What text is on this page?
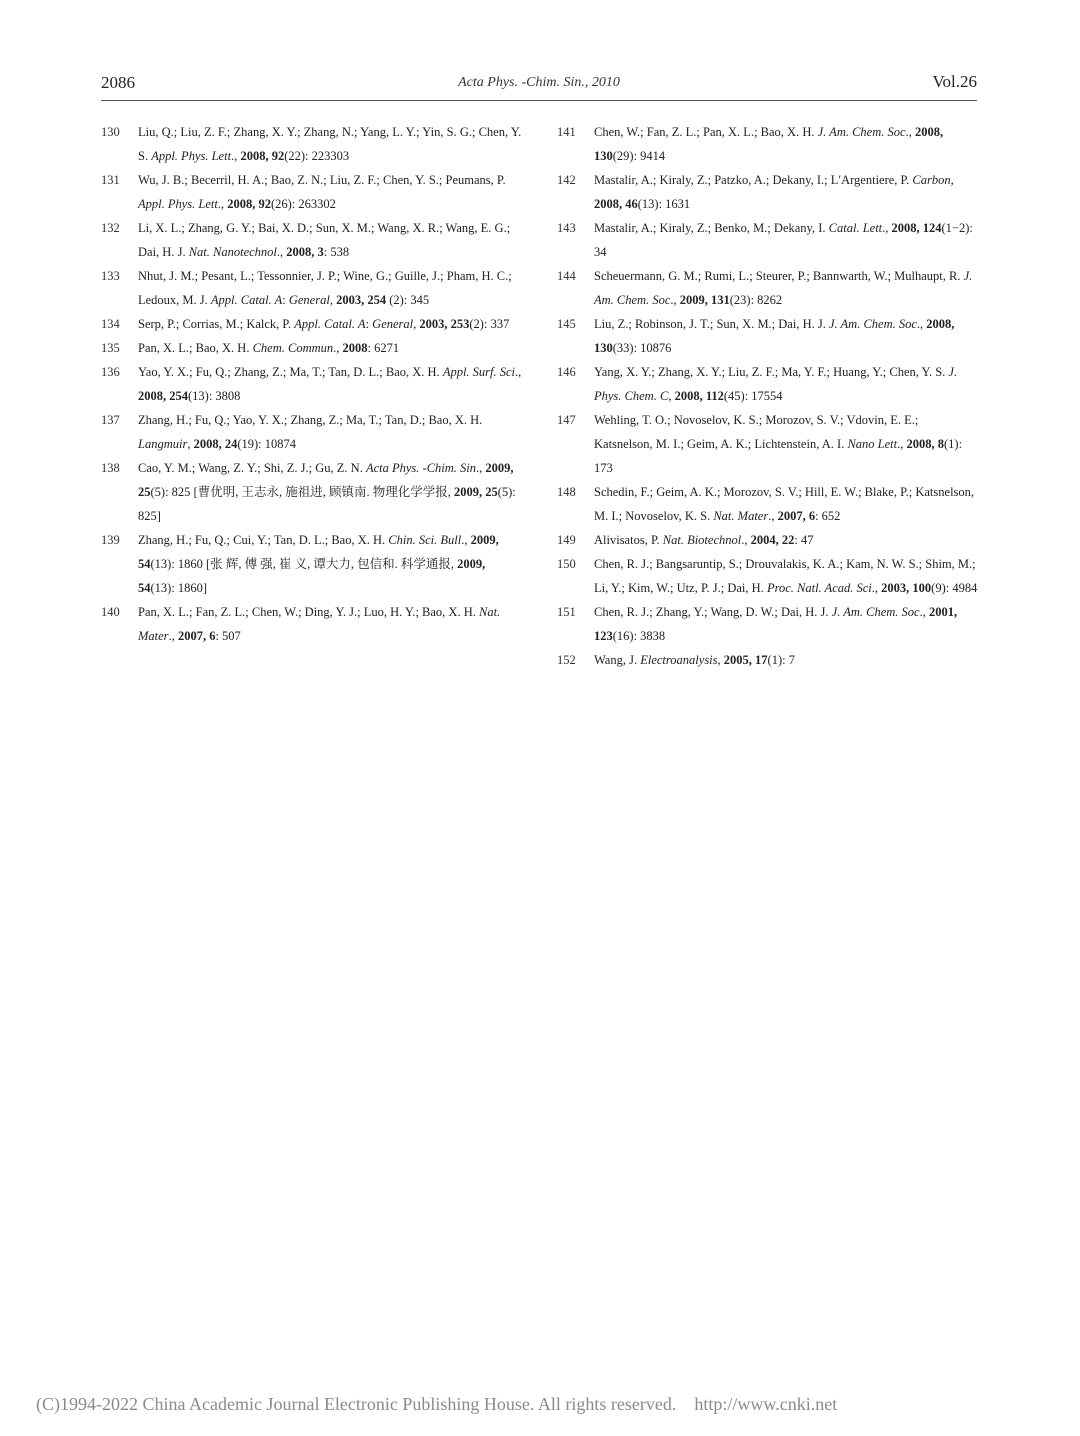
2086	Acta Phys. -Chim. Sin., 2010	Vol.26
130 Liu, Q.; Liu, Z. F.; Zhang, X. Y.; Zhang, N.; Yang, L. Y.; Yin, S. G.; Chen, Y. S. Appl. Phys. Lett., 2008, 92(22): 223303
131 Wu, J. B.; Becerril, H. A.; Bao, Z. N.; Liu, Z. F.; Chen, Y. S.; Peumans, P. Appl. Phys. Lett., 2008, 92(26): 263302
132 Li, X. L.; Zhang, G. Y.; Bai, X. D.; Sun, X. M.; Wang, X. R.; Wang, E. G.; Dai, H. J. Nat. Nanotechnol., 2008, 3: 538
133 Nhut, J. M.; Pesant, L.; Tessonnier, J. P.; Wine, G.; Guille, J.; Pham, H. C.; Ledoux, M. J. Appl. Catal. A: General, 2003, 254 (2): 345
134 Serp, P.; Corrias, M.; Kalck, P. Appl. Catal. A: General, 2003, 253(2): 337
135 Pan, X. L.; Bao, X. H. Chem. Commun., 2008: 6271
136 Yao, Y. X.; Fu, Q.; Zhang, Z.; Ma, T.; Tan, D. L.; Bao, X. H. Appl. Surf. Sci., 2008, 254(13): 3808
137 Zhang, H.; Fu, Q.; Yao, Y. X.; Zhang, Z.; Ma, T.; Tan, D.; Bao, X. H. Langmuir, 2008, 24(19): 10874
138 Cao, Y. M.; Wang, Z. Y.; Shi, Z. J.; Gu, Z. N. Acta Phys. -Chim. Sin., 2009, 25(5): 825 [曹优明, 王志永, 施祖进, 顾镇南. 物理化学学报, 2009, 25(5): 825]
139 Zhang, H.; Fu, Q.; Cui, Y.; Tan, D. L.; Bao, X. H. Chin. Sci. Bull., 2009, 54(13): 1860 [张 辉, 傅 强, 崔 义, 谭大力, 包信和. 科学通报, 2009, 54(13): 1860]
140 Pan, X. L.; Fan, Z. L.; Chen, W.; Ding, Y. J.; Luo, H. Y.; Bao, X. H. Nat. Mater., 2007, 6: 507
141 Chen, W.; Fan, Z. L.; Pan, X. L.; Bao, X. H. J. Am. Chem. Soc., 2008, 130(29): 9414
142 Mastalir, A.; Kiraly, Z.; Patzko, A.; Dekany, I.; L′Argentiere, P. Carbon, 2008, 46(13): 1631
143 Mastalir, A.; Kiraly, Z.; Benko, M.; Dekany, I. Catal. Lett., 2008, 124(1−2): 34
144 Scheuermann, G. M.; Rumi, L.; Steurer, P.; Bannwarth, W.; Mulhaupt, R. J. Am. Chem. Soc., 2009, 131(23): 8262
145 Liu, Z.; Robinson, J. T.; Sun, X. M.; Dai, H. J. J. Am. Chem. Soc., 2008, 130(33): 10876
146 Yang, X. Y.; Zhang, X. Y.; Liu, Z. F.; Ma, Y. F.; Huang, Y.; Chen, Y. S. J. Phys. Chem. C, 2008, 112(45): 17554
147 Wehling, T. O.; Novoselov, K. S.; Morozov, S. V.; Vdovin, E. E.; Katsnelson, M. I.; Geim, A. K.; Lichtenstein, A. I. Nano Lett., 2008, 8(1): 173
148 Schedin, F.; Geim, A. K.; Morozov, S. V.; Hill, E. W.; Blake, P.; Katsnelson, M. I.; Novoselov, K. S. Nat. Mater., 2007, 6: 652
149 Alivisatos, P. Nat. Biotechnol., 2004, 22: 47
150 Chen, R. J.; Bangsaruntip, S.; Drouvalakis, K. A.; Kam, N. W. S.; Shim, M.; Li, Y.; Kim, W.; Utz, P. J.; Dai, H. Proc. Natl. Acad. Sci., 2003, 100(9): 4984
151 Chen, R. J.; Zhang, Y.; Wang, D. W.; Dai, H. J. J. Am. Chem. Soc., 2001, 123(16): 3838
152 Wang, J. Electroanalysis, 2005, 17(1): 7
(C)1994-2022 China Academic Journal Electronic Publishing House. All rights reserved.    http://www.cnki.net
